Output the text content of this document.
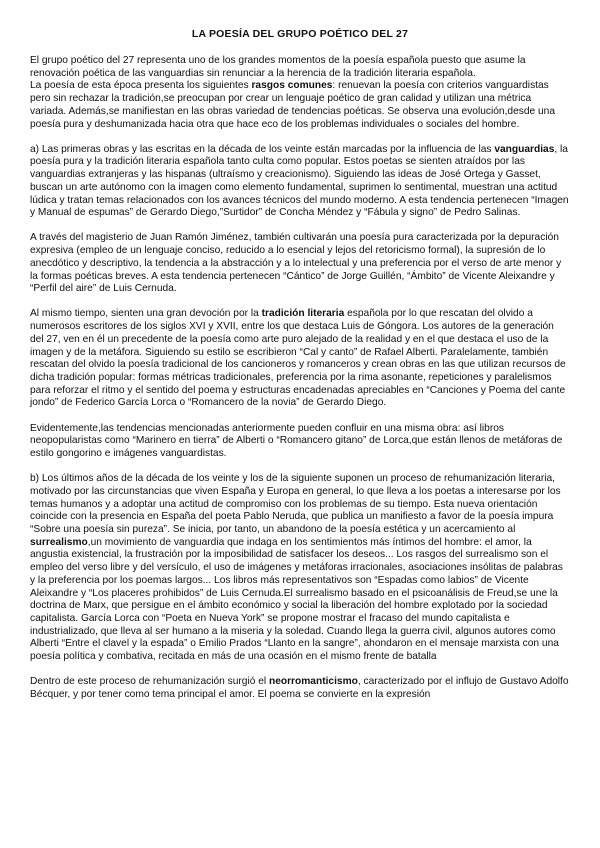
LA POESÍA DEL GRUPO POÉTICO DEL 27

El grupo poético del 27 representa uno de los grandes momentos de la poesía española puesto que asume la renovación poética de las vanguardias sin renunciar a la herencia de la tradición literaria española.
La poesía de esta época presenta los siguientes rasgos comunes: renuevan la poesía con criterios vanguardistas pero sin rechazar la tradición,se preocupan por crear un lenguaje poético de gran calidad y utilizan una métrica variada. Además,se manifiestan en las obras variedad de tendencias poéticas. Se observa una evolución,desde una poesía pura y deshumanizada hacia otra que hace eco de los problemas individuales o sociales del hombre.

a) Las primeras obras y las escritas en la década de los veinte están marcadas por la influencia de las vanguardias, la poesía pura y la tradición literaria española tanto culta como popular. Estos poetas se sienten atraídos por las vanguardias extranjeras y las hispanas (ultraísmo y creacionismo). Siguiendo las ideas de José Ortega y Gasset, buscan un arte autónomo con la imagen como elemento fundamental, suprimen lo sentimental, muestran una actitud lúdica y tratan temas relacionados con los avances técnicos del mundo moderno. A esta tendencia pertenecen “Imagen y Manual de espumas” de Gerardo Diego,”Surtidor” de Concha Méndez y “Fábula y signo” de Pedro Salinas.

A través del magisterio de Juan Ramón Jiménez, también cultivarán una poesía pura caracterizada por la depuración expresiva (empleo de un lenguaje conciso, reducido a lo esencial y lejos del retoricismo formal), la supresión de lo anecdótico y descriptivo, la tendencia a la abstracción y a lo intelectual y una preferencia por el verso de arte menor y la formas poéticas breves. A esta tendencia pertenecen “Cántico” de Jorge Guillén, “Ámbito” de Vicente Aleixandre y “Perfil del aire” de Luis Cernuda.

Al mismo tiempo, sienten una gran devoción por la tradición literaria española por lo que rescatan del olvido a numerosos escritores de los siglos XVI y XVII, entre los que destaca Luis de Góngora. Los autores de la generación del 27, ven en él un precedente de la poesía como arte puro alejado de la realidad y en el que destaca el uso de la imagen y de la metáfora. Siguiendo su estilo se escribieron “Cal y canto” de Rafael Alberti. Paralelamente, también rescatan del olvido la poesía tradicional de los cancioneros y romanceros y crean obras en las que utilizan recursos de dicha tradición popular: formas métricas tradicionales, preferencia por la rima asonante, repeticiones y paralelismos para reforzar el ritmo y el sentido del poema y estructuras encadenadas apreciables en “Canciones y Poema del cante jondo” de Federico García Lorca o “Romancero de la novia” de Gerardo Diego.

Evidentemente,las tendencias mencionadas anteriormente pueden confluir en una misma obra: así libros neopopularistas como “Marinero en tierra” de Alberti o “Romancero gitano” de Lorca,que están llenos de metáforas de estilo gongorino e imágenes vanguardistas.

b) Los últimos años de la década de los veinte y los de la siguiente suponen un proceso de rehumanización literaria, motivado por las circunstancias que viven España y Europa en general, lo que lleva a los poetas a interesarse por los temas humanos y a adoptar una actitud de compromiso con los problemas de su tiempo. Esta nueva orientación coincide con la presencia en España del poeta Pablo Neruda, que publica un manifiesto a favor de la poesía impura “Sobre una poesía sin pureza”. Se inicia, por tanto, un abandono de la poesía estética y un acercamiento al surrealismo,un movimiento de vanguardia que indaga en los sentimientos más íntimos del hombre: el amor, la angustia existencial, la frustración por la imposibilidad de satisfacer los deseos... Los rasgos del surrealismo son el empleo del verso libre y del versículo, el uso de imágenes y metáforas irracionales, asociaciones insólitas de palabras y la preferencia por los poemas largos... Los libros más representativos son “Espadas como labios” de Vicente Aleixandre y “Los placeres prohibidos” de Luis Cernuda.El surrealismo basado en el psicoanálisis de Freud,se une la doctrina de Marx, que persigue en el ámbito económico y social la liberación del hombre explotado por la sociedad capitalista. García Lorca con “Poeta en Nueva York” se propone mostrar el fracaso del mundo capitalista e industrializado, que lleva al ser humano a la miseria y la soledad. Cuando llega la guerra civil, algunos autores como Alberti “Entre el clavel y la espada” o Emilio Prados “Llanto en la sangre”, ahondaron en el mensaje marxista con una poesía política y combativa, recitada en más de una ocasión en el mismo frente de batalla

Dentro de este proceso de rehumanización surgió el neorromanticismo, caracterizado por el influjo de Gustavo Adolfo Bécquer, y por tener como tema principal el amor. El poema se convierte en la expresión
